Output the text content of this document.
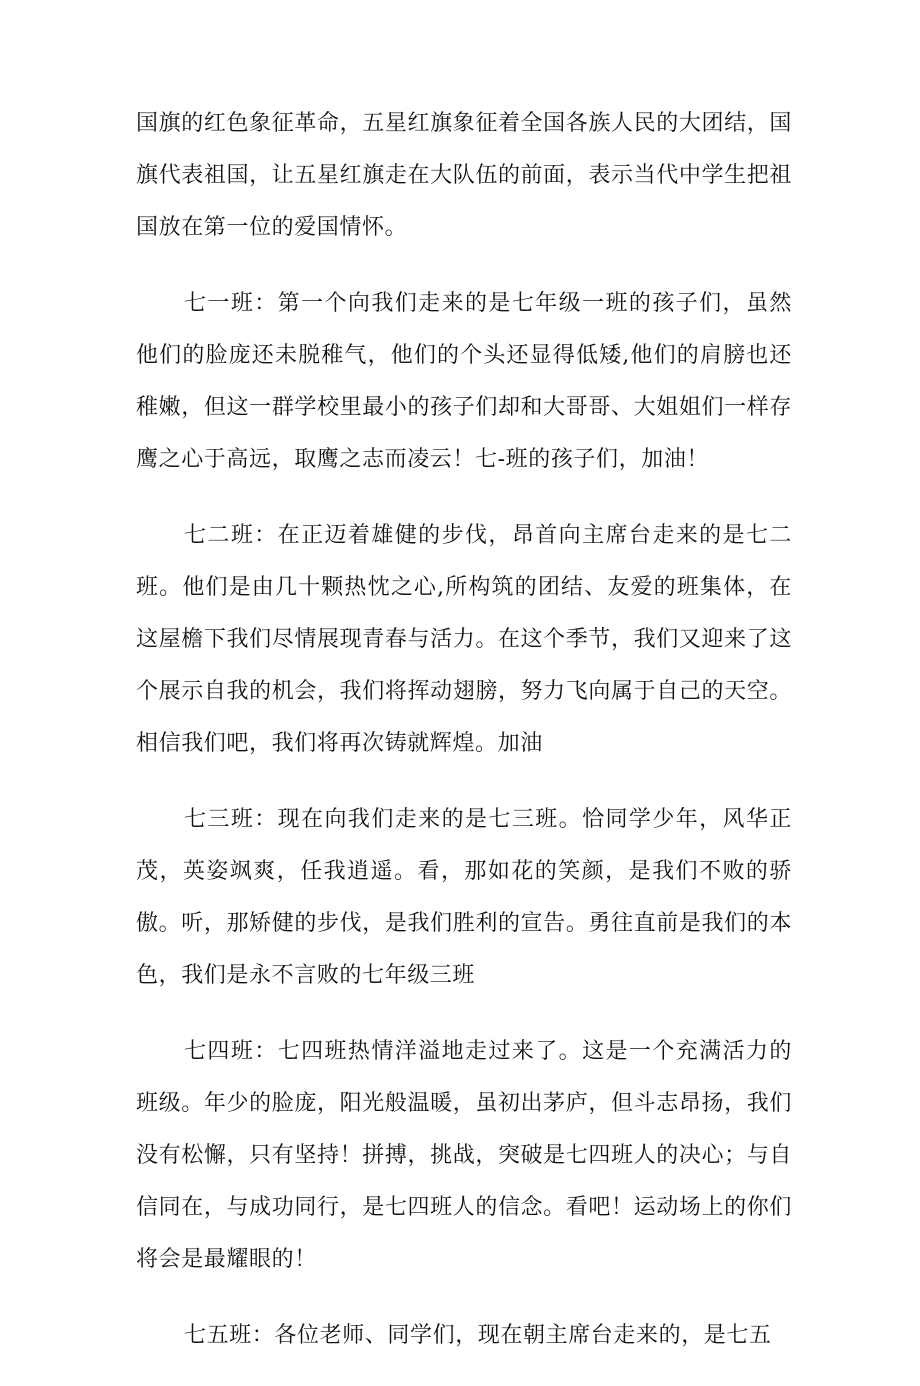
国旗的红色象征革命，五星红旗象征着全国各族人民的大团结，国旗代表祖国，让五星红旗走在大队伍的前面，表示当代中学生把祖国放在第一位的爱国情怀。

七一班：第一个向我们走来的是七年级一班的孩子们，虽然他们的脸庞还未脱稚气，他们的个头还显得低矮,他们的肩膀也还稚嫩，但这一群学校里最小的孩子们却和大哥哥、大姐姐们一样存鹰之心于高远，取鹰之志而凌云！七-班的孩子们，加油！

七二班：在正迈着雄健的步伐，昂首向主席台走来的是七二班。他们是由几十颗热忱之心,所构筑的团结、友爱的班集体，在这屋檐下我们尽情展现青春与活力。在这个季节，我们又迎来了这个展示自我的机会，我们将挥动翅膀，努力飞向属于自己的天空。相信我们吧，我们将再次铸就辉煌。加油

七三班：现在向我们走来的是七三班。恰同学少年，风华正茂，英姿飒爽，任我逍遥。看，那如花的笑颜，是我们不败的骄傲。听，那矫健的步伐，是我们胜利的宣告。勇往直前是我们的本色，我们是永不言败的七年级三班

七四班：七四班热情洋溢地走过来了。这是一个充满活力的班级。年少的脸庞，阳光般温暖，虽初出茅庐，但斗志昂扬，我们没有松懈，只有坚持！拼搏，挑战，突破是七四班人的决心；与自信同在，与成功同行，是七四班人的信念。看吧！运动场上的你们将会是最耀眼的！

七五班：各位老师、同学们，现在朝主席台走来的，是七五
